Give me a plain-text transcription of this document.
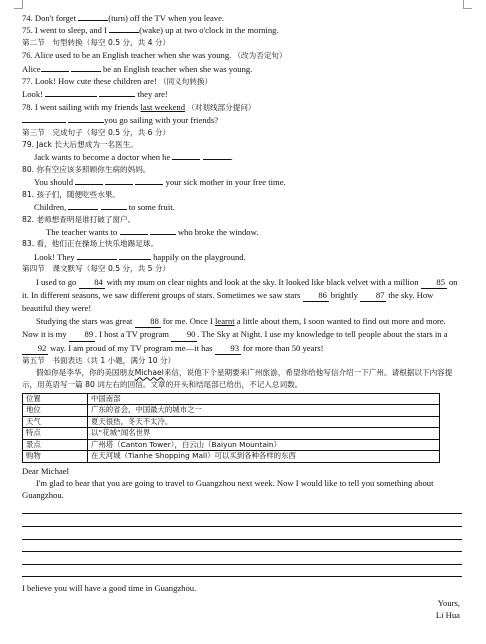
74. Don't forget	(turn) off the TV when you leave.
75. I went to sleep, and I	(wake) up at two o'clock in the morning.
第二节　句型转换（每空 0.5 分，共 4 分）
76. Alice used to be an English teacher when she was young. （改为否定句）
Alice	be an English teacher when she was young.
77. Look! How cute these children are! （同义句转换）
Look!	they are!
78. I went sailing with my friends last weekend （对划线部分提问）
you go sailing with your friends?
第三节　完成句子（每空 0.5 分，共 6 分）
79. Jack 长大后想成为一名医生。
Jack wants to become a doctor when he	.
80. 你有空应该多照顾你生病的妈妈。
You should	your sick mother in your free time.
81. 孩子们，随便吃些水果。
Children,	to some fruit.
82. 老师想查明是谁打破了窗户。
The teacher wants to	who broke the window.
83. 看，他们正在操场上快乐地踢足球。
Look! They	happily on the playground.
第四节　课文默写（每空 0.5 分，共 5 分）
I used to go 84 with my mum on clear nights and look at the sky. It looked like black velvet with a million 85 on it. In different seasons, we saw different groups of stars. Sometimes we saw stars 86 brightly 87 the sky. How beautiful they were!
Studying the stars was great 88 for me. Once I learnt a little about them, I soon wanted to find out more and more. Now it is my 89 . I host a TV program 90 . The Sky at Night. I use my knowledge to tell people about the stars in a 92 way. I am proud of my TV program me—it has 93 for more than 50 years!
第五节　书面表达（共 1 小题，满分 10 分）
假如你是李华，你的美国朋友Michael来信，说他下个星期要来广州旅游，希望你给他写信介绍一下广州。请根据以下内容提示，用英语写一篇 80 词左右的回信。文章的开头和结尾部已给出，不记入总词数。
位置	中国南部
地位	广东的省会，中国最大的城市之一
天气	夏天很热，冬天不太冷。
特点	以“花城”闻名世界
景点	广州塔（Canton Tower），白云山（Baiyun Mountain）
购物	在天河城（Tianhe Shopping Mall）可以买到各种各样的东西
Dear Michael
I'm glad to hear that you are going to travel to Guangzhou next week. Now I would like to tell you something about Guangzhou.
I believe you will have a good time in Guangzhou.
Yours,
Li Hua
